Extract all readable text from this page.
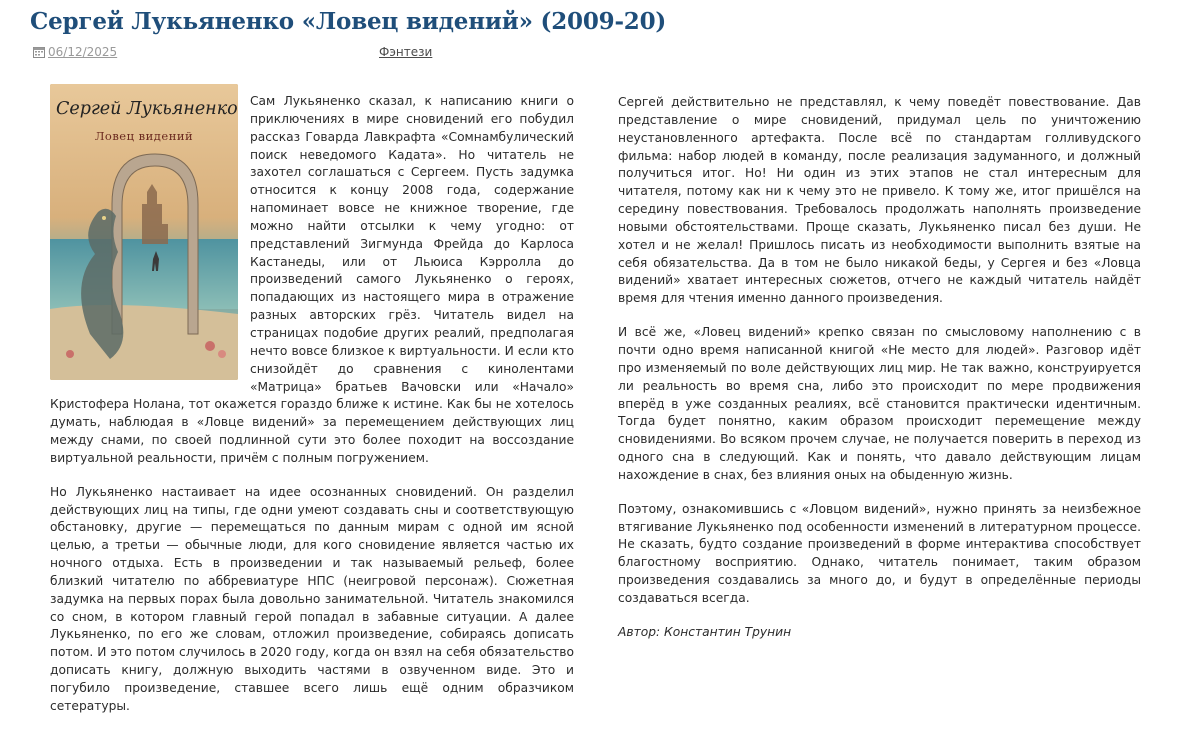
Сергей Лукьяненко «Ловец видений» (2009-20)
06/12/2025	Фэнтези
Сергей Лукьяненко
Ловец видений

Сам Лукьяненко сказал, к написанию книги о приключениях в мире сновидений его побудил рассказ Говарда Лавкрафта «Сомнамбулический поиск неведомого Кадата». Но читатель не захотел соглашаться с Сергеем. Пусть задумка относится к концу 2008 года, содержание напоминает вовсе не книжное творение, где можно найти отсылки к чему угодно: от представлений Зигмунда Фрейда до Карлоса Кастанеды, или от Льюиса Кэрролла до произведений самого Лукьяненко о героях, попадающих из настоящего мира в отражение разных авторских грёз. Читатель видел на страницах подобие других реалий, предполагая нечто вовсе близкое к виртуальности. И если кто снизойдёт до сравнения с кинолентами «Матрица» братьев Вачовски или «Начало» Кристофера Нолана, тот окажется гораздо ближе к истине. Как бы не хотелось думать, наблюдая в «Ловце видений» за перемещением действующих лиц между снами, по своей подлинной сути это более походит на воссоздание виртуальной реальности, причём с полным погружением.

Но Лукьяненко настаивает на идее осознанных сновидений. Он разделил действующих лиц на типы, где одни умеют создавать сны и соответствующую обстановку, другие — перемещаться по данным мирам с одной им ясной целью, а третьи — обычные люди, для кого сновидение является частью их ночного отдыха. Есть в произведении и так называемый рельеф, более близкий читателю по аббревиатуре НПС (неигровой персонаж). Сюжетная задумка на первых порах была довольно занимательной. Читатель знакомился со сном, в котором главный герой попадал в забавные ситуации. А далее Лукьяненко, по его же словам, отложил произведение, собираясь дописать потом. И это потом случилось в 2020 году, когда он взял на себя обязательство дописать книгу, должную выходить частями в озвученном виде. Это и погубило произведение, ставшее всего лишь ещё одним образчиком сетературы.

Сергей действительно не представлял, к чему поведёт повествование. Дав представление о мире сновидений, придумал цель по уничтожению неустановленного артефакта. После всё по стандартам голливудского фильма: набор людей в команду, после реализация задуманного, и должный получиться итог. Но! Ни один из этих этапов не стал интересным для читателя, потому как ни к чему это не привело. К тому же, итог пришёлся на середину повествования. Требовалось продолжать наполнять произведение новыми обстоятельствами. Проще сказать, Лукьяненко писал без души. Не хотел и не желал! Пришлось писать из необходимости выполнить взятые на себя обязательства. Да в том не было никакой беды, у Сергея и без «Ловца видений» хватает интересных сюжетов, отчего не каждый читатель найдёт время для чтения именно данного произведения.

И всё же, «Ловец видений» крепко связан по смысловому наполнению с в почти одно время написанной книгой «Не место для людей». Разговор идёт про изменяемый по воле действующих лиц мир. Не так важно, конструируется ли реальность во время сна, либо это происходит по мере продвижения вперёд в уже созданных реалиях, всё становится практически идентичным. Тогда будет понятно, каким образом происходит перемещение между сновидениями. Во всяком прочем случае, не получается поверить в переход из одного сна в следующий. Как и понять, что давало действующим лицам нахождение в снах, без влияния оных на обыденную жизнь.

Поэтому, ознакомившись с «Ловцом видений», нужно принять за неизбежное втягивание Лукьяненко под особенности изменений в литературном процессе. Не сказать, будто создание произведений в форме интерактива способствует благостному восприятию. Однако, читатель понимает, таким образом произведения создавались за много до, и будут в определённые периоды создаваться всегда.

Автор: Константин Трунин
